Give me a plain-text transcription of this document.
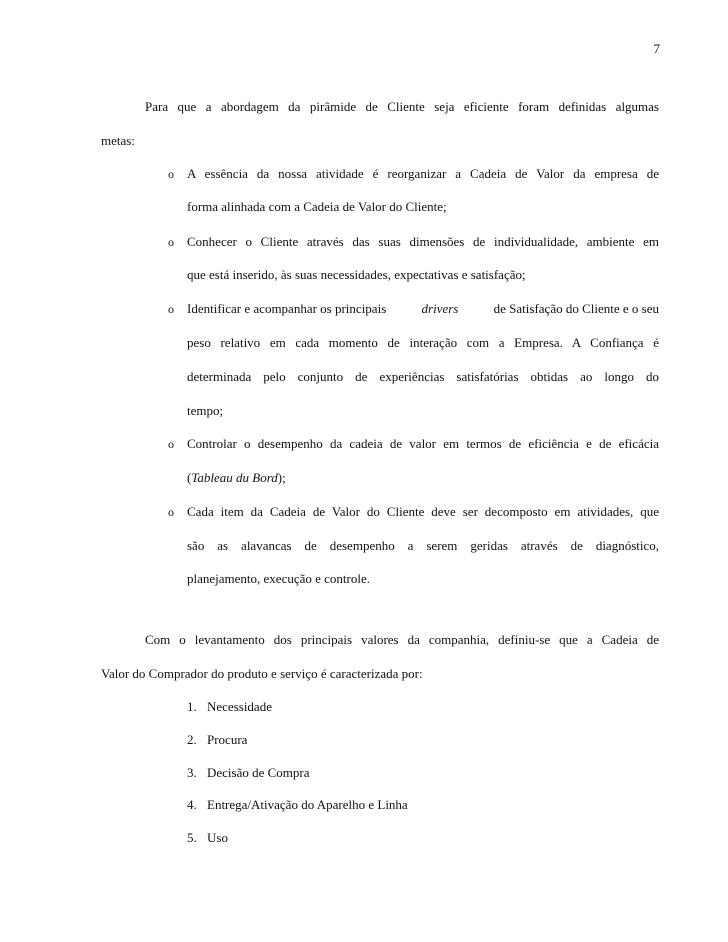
7
Para que a abordagem da pirâmide de Cliente seja eficiente foram definidas algumas
metas:
o A essência da nossa atividade é reorganizar a Cadeia de Valor da empresa de
forma alinhada com a Cadeia de Valor do Cliente;
o Conhecer o Cliente através das suas dimensões de individualidade, ambiente em
que está inserido, às suas necessidades, expectativas e satisfação;
o Identificar e acompanhar os principais	drivers	de Satisfação do Cliente e o seu
peso relativo em cada momento de interação com a Empresa. A Confiança é
determinada pelo conjunto de experiências satisfatórias obtidas ao longo do
tempo;
o Controlar o desempenho da cadeia de valor em termos de eficiência e de eficácia
(Tableau du Bord);
o Cada item da Cadeia de Valor do Cliente deve ser decomposto em atividades, que
são as alavancas de desempenho a serem geridas através de diagnóstico,
planejamento, execução e controle.
Com o levantamento dos principais valores da companhia, definiu-se que a Cadeia de
Valor do Comprador do produto e serviço é caracterizada por:
1. Necessidade
2. Procura
3. Decisão de Compra
4. Entrega/Ativação do Aparelho e Linha
5. Uso
